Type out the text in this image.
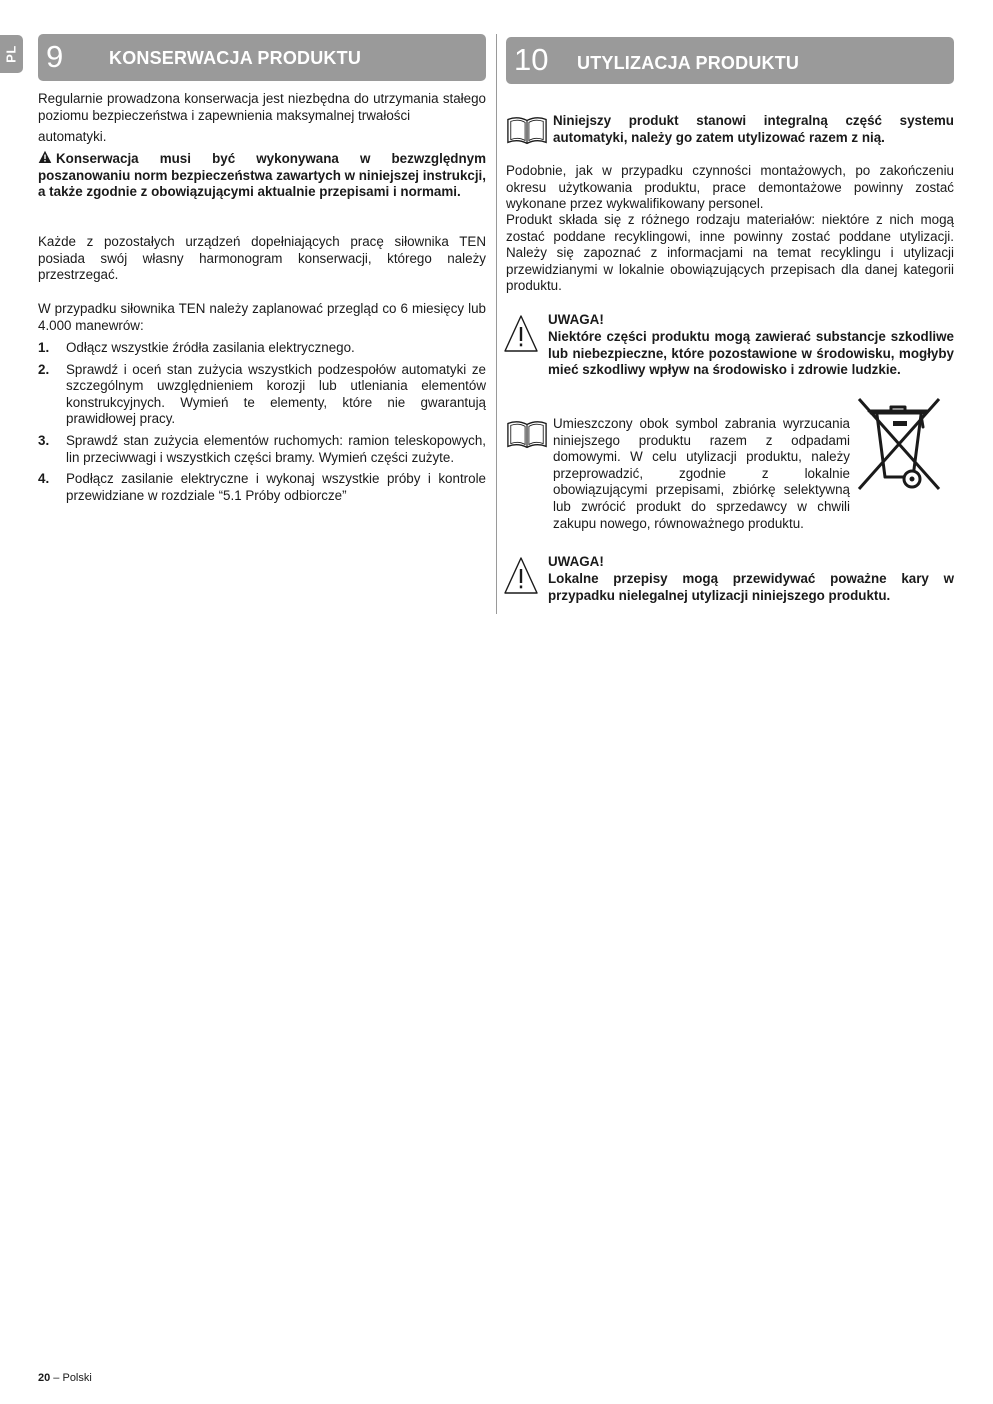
PL 9	KONSERWACJA PRODUKTU

Regularnie prowadzona konserwacja jest niezbędna do utrzymania stałego poziomu bezpieczeństwa i zapewnienia maksymalnej trwałości

automatyki.

Konserwacja musi być wykonywana w bezwzględnym poszanowaniu norm bezpieczeństwa zawartych w niniejszej instrukcji, a także zgodnie z obowiązującymi aktualnie przepisami i normami.

Każde z pozostałych urządzeń dopełniających pracę siłownika TEN posiada swój własny harmonogram konserwacji, którego należy przestrzegać.

W przypadku siłownika TEN należy zaplanować przegląd co 6 miesięcy lub 4.000 manewrów:

1. Odłącz wszystkie źródła zasilania elektrycznego.
2. Sprawdź i oceń stan zużycia wszystkich podzespołów automatyki ze szczególnym uwzględnieniem korozji lub utleniania elementów konstrukcyjnych. Wymień te elementy, które nie gwarantują prawidłowej pracy.
3. Sprawdź stan zużycia elementów ruchomych: ramion teleskopowych, lin przeciwwagi i wszystkich części bramy. Wymień części zużyte.
4. Podłącz zasilanie elektryczne i wykonaj wszystkie próby i kontrole przewidziane w rozdziale “5.1 Próby odbiorcze”
10 UTYLIZACJA PRODUKTU

Niniejszy produkt stanowi integralną część systemu automatyki, należy go zatem utylizować razem z nią.

Podobnie, jak w przypadku czynności montażowych, po zakończeniu okresu użytkowania produktu, prace demontażowe powinny zostać wykonane przez wykwalifikowany personel.

Produkt składa się z różnego rodzaju materiałów: niektóre z nich mogą zostać poddane recyklingowi, inne powinny zostać poddane utylizacji. Należy się zapoznać z informacjami na temat recyklingu i utylizacji przewidzianymi w lokalnie obowiązujących przepisach dla danej kategorii produktu.

UWAGA!

Niektóre części produktu mogą zawierać substancje szkodliwe lub niebezpieczne, które pozostawione w środowisku, mogłyby mieć szkodliwy wpływ na środowisko i zdrowie ludzkie.

Umieszczony obok symbol zabrania wyrzucania niniejszego produktu razem z odpadami domowymi. W celu utylizacji produktu, należy przeprowadzić, zgodnie z lokalnie obowiązującymi przepisami, zbiórkę selektywną lub zwrócić produkt do sprzedawcy w chwili zakupu nowego, równoważnego produktu.

UWAGA!

Lokalne przepisy mogą przewidywać poważne kary w przypadku nielegalnej utylizacji niniejszego produktu.

20 – Polski
